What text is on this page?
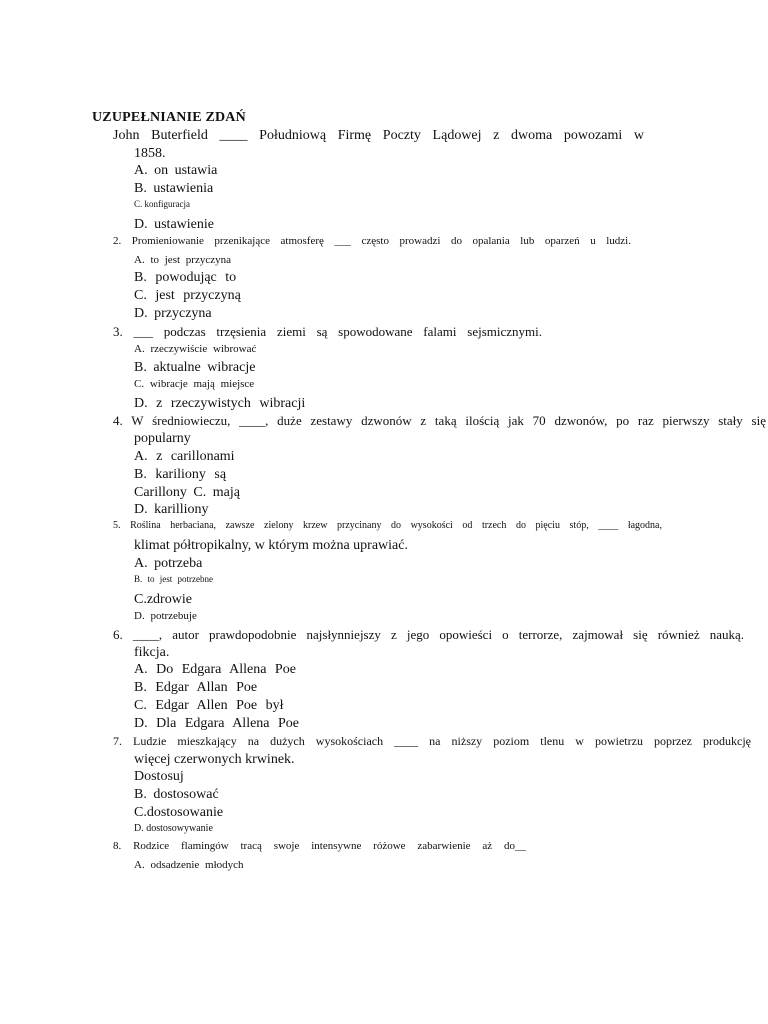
UZUPEŁNIANIE ZDAŃ
John Buterfield ____ Południową Firmę Poczty Lądowej z dwoma powozami w
1858.
A. on ustawia
B. ustawienia
C. konfiguracja
D. ustawienie
2. Promieniowanie przenikające atmosferę ___ często prowadzi do opalania lub oparzeń u ludzi.
A. to jest przyczyna
B. powodując to
C. jest przyczyną
D. przyczyna
3. ___ podczas trzęsienia ziemi są spowodowane falami sejsmicznymi.
A. rzeczywiście wibrować
B. aktualne wibracje
C. wibracje mają miejsce
D. z rzeczywistych wibracji
4. W średniowieczu, ____, duże zestawy dzwonów z taką ilością jak 70 dzwonów, po raz pierwszy stały się
popularny
A. z carillonami
B. kariliony są
Carillony C. mają
D. karilliony
5. Roślina herbaciana, zawsze zielony krzew przycinany do wysokości od trzech do pięciu stóp, ____ łagodna,
klimat półtropikalny, w którym można uprawiać.
A. potrzeba
B. to jest potrzebne
C.zdrowie
D. potrzebuje
6. ____, autor prawdopodobnie najsłynniejszy z jego opowieści o terrorze, zajmował się również nauką.
fikcja.
A. Do Edgara Allena Poe
B. Edgar Allan Poe
C. Edgar Allen Poe był
D. Dla Edgara Allena Poe
7. Ludzie mieszkający na dużych wysokościach ____ na niższy poziom tlenu w powietrzu poprzez produkcję
więcej czerwonych krwinek.
Dostosuj
B. dostosować
C.dostosowanie
D. dostosowywanie
8. Rodzice flamingów tracą swoje intensywne różowe zabarwienie aż do__
A. odsadzenie młodych
